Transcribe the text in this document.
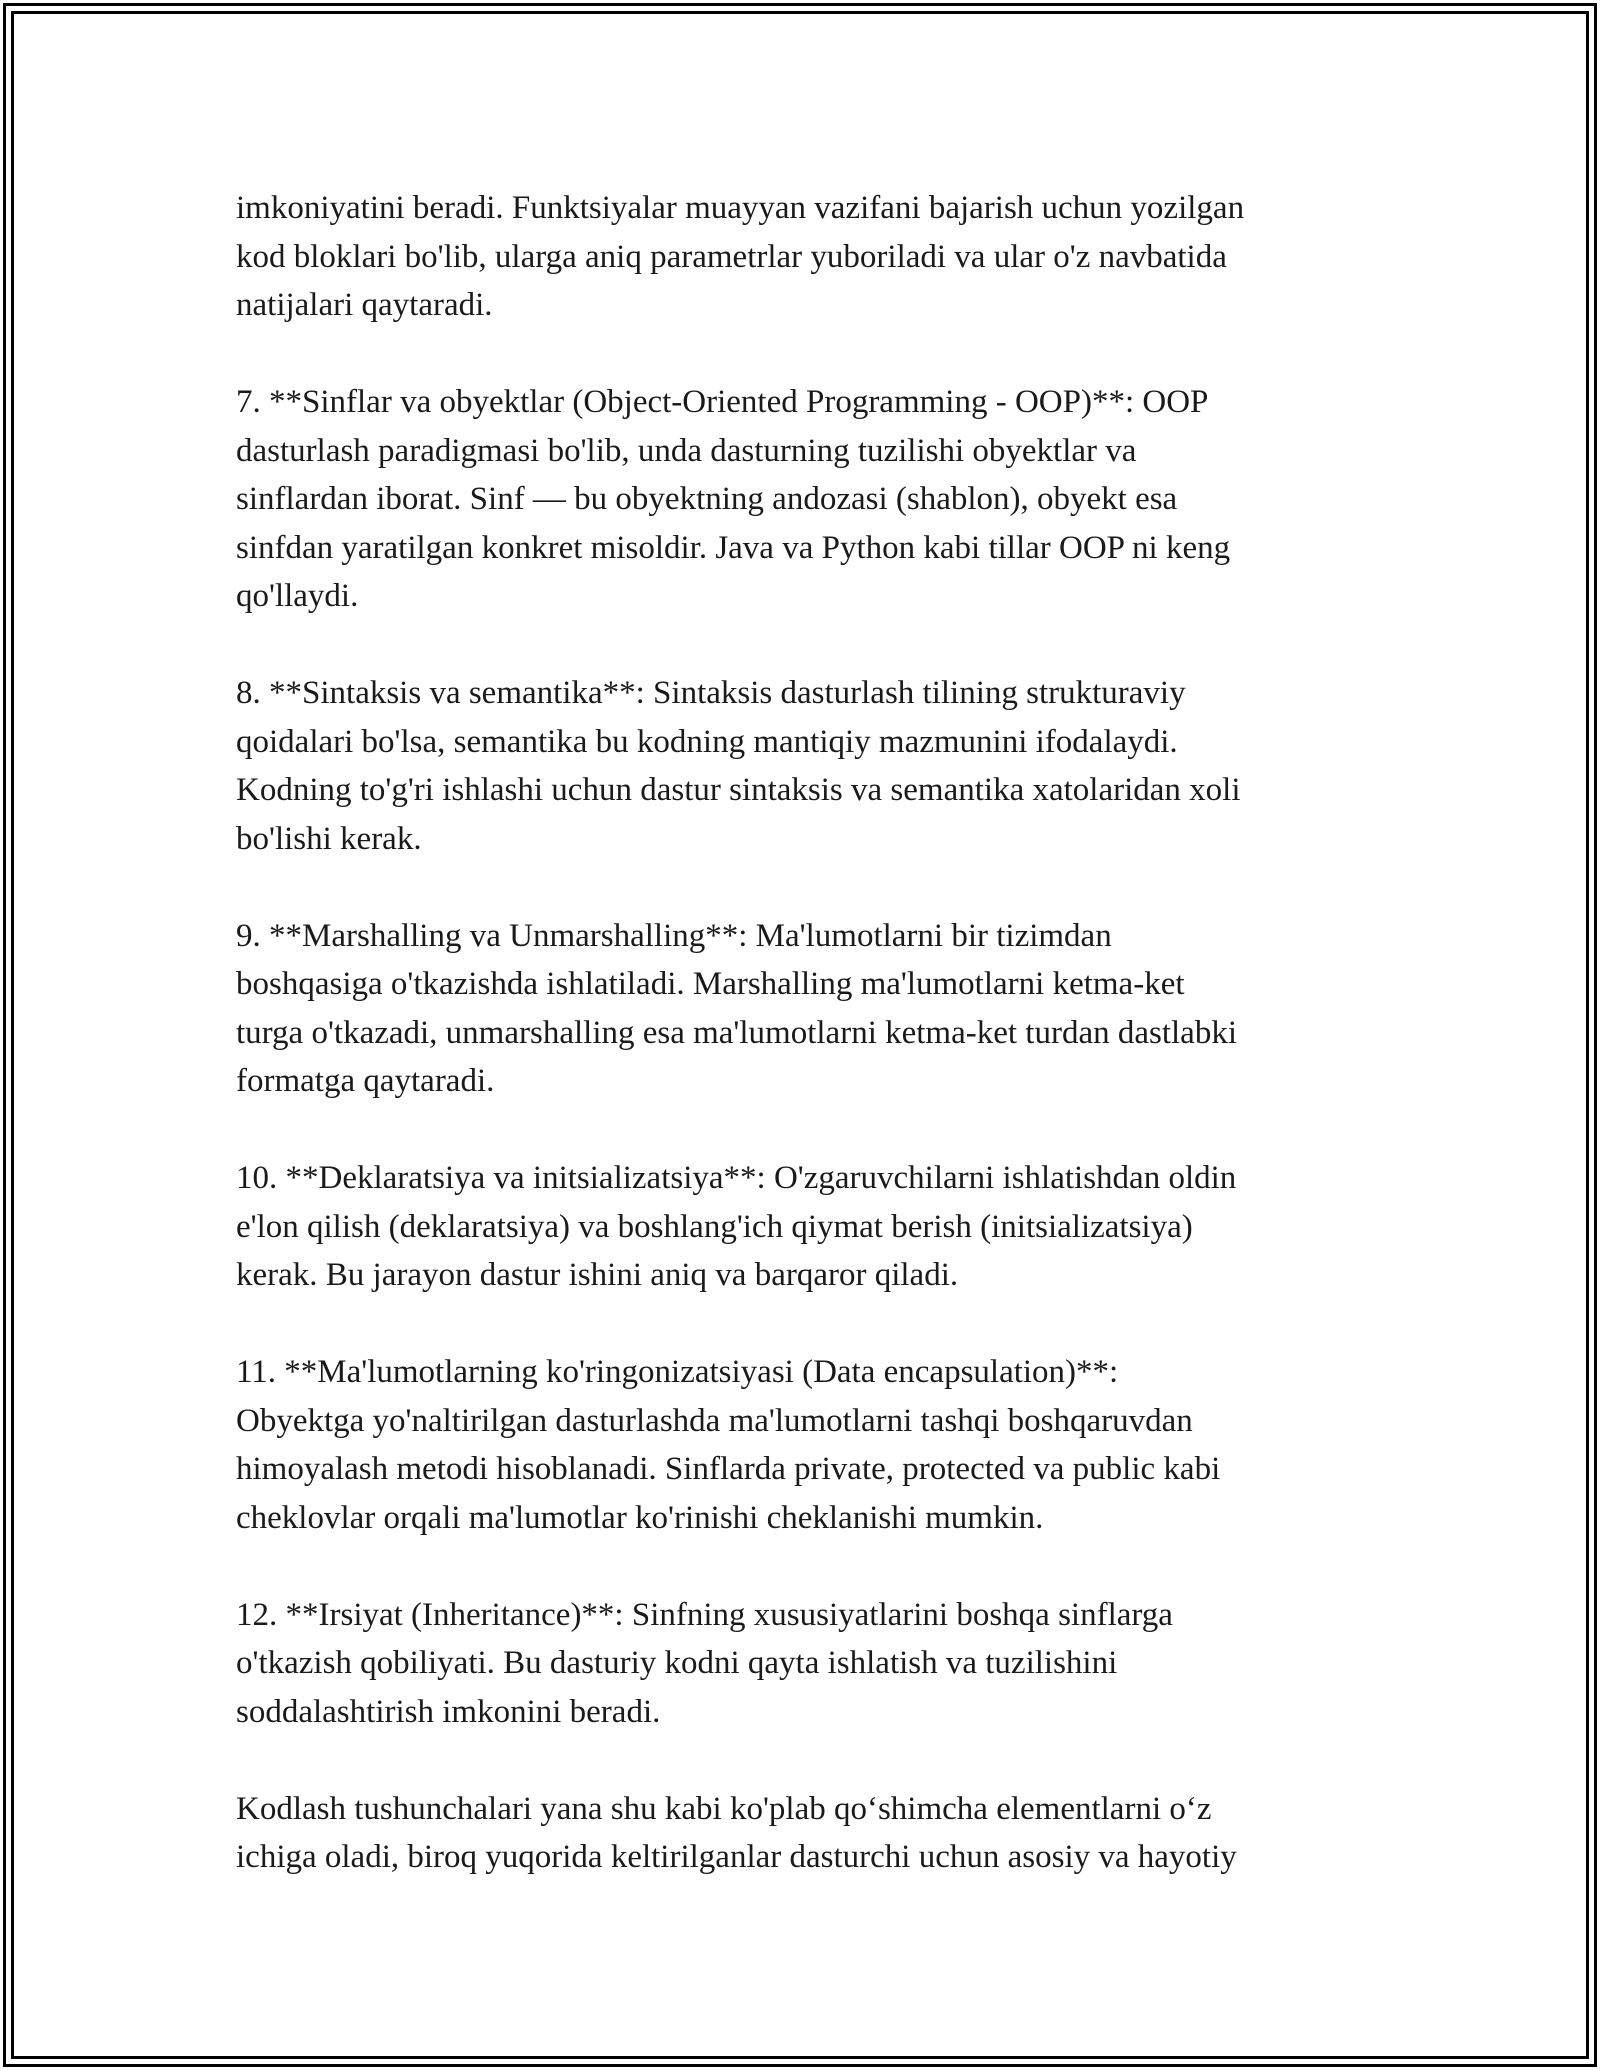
imkoniyatini beradi. Funktsiyalar muayyan vazifani bajarish uchun yozilgan
kod bloklari bo'lib, ularga aniq parametrlar yuboriladi va ular o'z navbatida
natijalari qaytaradi.

7. **Sinflar va obyektlar (Object-Oriented Programming - OOP)**: OOP
dasturlash paradigmasi bo'lib, unda dasturning tuzilishi obyektlar va
sinflardan iborat. Sinf — bu obyektning andozasi (shablon), obyekt esa
sinfdan yaratilgan konkret misoldir. Java va Python kabi tillar OOP ni keng
qo'llaydi.

8. **Sintaksis va semantika**: Sintaksis dasturlash tilining strukturaviy
qoidalari bo'lsa, semantika bu kodning mantiqiy mazmunini ifodalaydi.
Kodning to'g'ri ishlashi uchun dastur sintaksis va semantika xatolaridan xoli
bo'lishi kerak.

9. **Marshalling va Unmarshalling**: Ma'lumotlarni bir tizimdan
boshqasiga o'tkazishda ishlatiladi. Marshalling ma'lumotlarni ketma-ket
turga o'tkazadi, unmarshalling esa ma'lumotlarni ketma-ket turdan dastlabki
formatga qaytaradi.

10. **Deklaratsiya va initsializatsiya**: O'zgaruvchilarni ishlatishdan oldin
e'lon qilish (deklaratsiya) va boshlang'ich qiymat berish (initsializatsiya)
kerak. Bu jarayon dastur ishini aniq va barqaror qiladi.

11. **Ma'lumotlarning ko'ringonizatsiyasi (Data encapsulation)**:
Obyektga yo'naltirilgan dasturlashda ma'lumotlarni tashqi boshqaruvdan
himoyalash metodi hisoblanadi. Sinflarda private, protected va public kabi
cheklovlar orqali ma'lumotlar ko'rinishi cheklanishi mumkin.

12. **Irsiyat (Inheritance)**: Sinfning xususiyatlarini boshqa sinflarga
o'tkazish qobiliyati. Bu dasturiy kodni qayta ishlatish va tuzilishini
soddalashtirish imkonini beradi.

Kodlash tushunchalari yana shu kabi ko'plab qo‘shimcha elementlarni o‘z
ichiga oladi, biroq yuqorida keltirilganlar dasturchi uchun asosiy va hayotiy
